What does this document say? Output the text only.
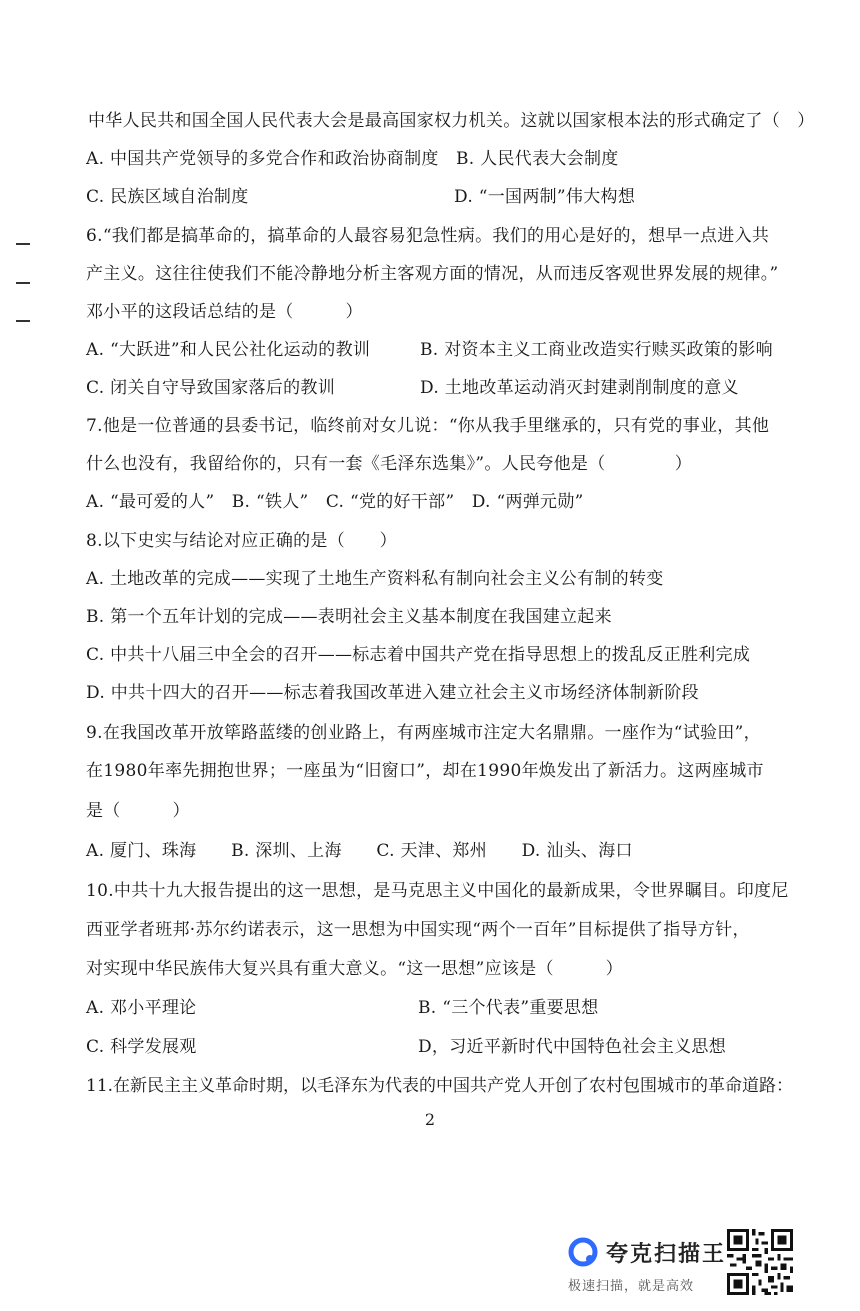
中华人民共和国全国人民代表大会是最高国家权力机关。这就以国家根本法的形式确定了（　）
A. 中国共产党领导的多党合作和政治协商制度　B. 人民代表大会制度
C. 民族区域自治制度	D. “一国两制”伟大构想
6.“我们都是搞革命的，搞革命的人最容易犯急性病。我们的用心是好的，想早一点进入共
产主义。这往往使我们不能冷静地分析主客观方面的情况，从而违反客观世界发展的规律。”
邓小平的这段话总结的是（　　　）
A. “大跃进”和人民公社化运动的教训	B. 对资本主义工商业改造实行赎买政策的影响
C. 闭关自守导致国家落后的教训	D. 土地改革运动消灭封建剥削制度的意义
7.他是一位普通的县委书记，临终前对女儿说：“你从我手里继承的，只有党的事业，其他
什么也没有，我留给你的，只有一套《毛泽东选集》”。人民夸他是（　　　　）
A. “最可爱的人”　B. “铁人”　C. “党的好干部”　D. “两弹元勋”
8.以下史实与结论对应正确的是（　　）
A. 土地改革的完成——实现了土地生产资料私有制向社会主义公有制的转变
B. 第一个五年计划的完成——表明社会主义基本制度在我国建立起来
C. 中共十八届三中全会的召开——标志着中国共产党在指导思想上的拨乱反正胜利完成
D. 中共十四大的召开——标志着我国改革进入建立社会主义市场经济体制新阶段
9.在我国改革开放筚路蓝缕的创业路上，有两座城市注定大名鼎鼎。一座作为“试验田”，
在1980年率先拥抱世界；一座虽为“旧窗口”，却在1990年焕发出了新活力。这两座城市
是（　　　）
A. 厦门、珠海　　B. 深圳、上海　　C. 天津、郑州　　D. 汕头、海口
10.中共十九大报告提出的这一思想，是马克思主义中国化的最新成果，令世界瞩目。印度尼
西亚学者班邦·苏尔约诺表示，这一思想为中国实现“两个一百年”目标提供了指导方针，
对实现中华民族伟大复兴具有重大意义。“这一思想”应该是（　　　）
A. 邓小平理论	B. “三个代表”重要思想
C. 科学发展观	D，习近平新时代中国特色社会主义思想
11.在新民主主义革命时期，以毛泽东为代表的中国共产党人开创了农村包围城市的革命道路：
2
夸克扫描王
极速扫描，就是高效
